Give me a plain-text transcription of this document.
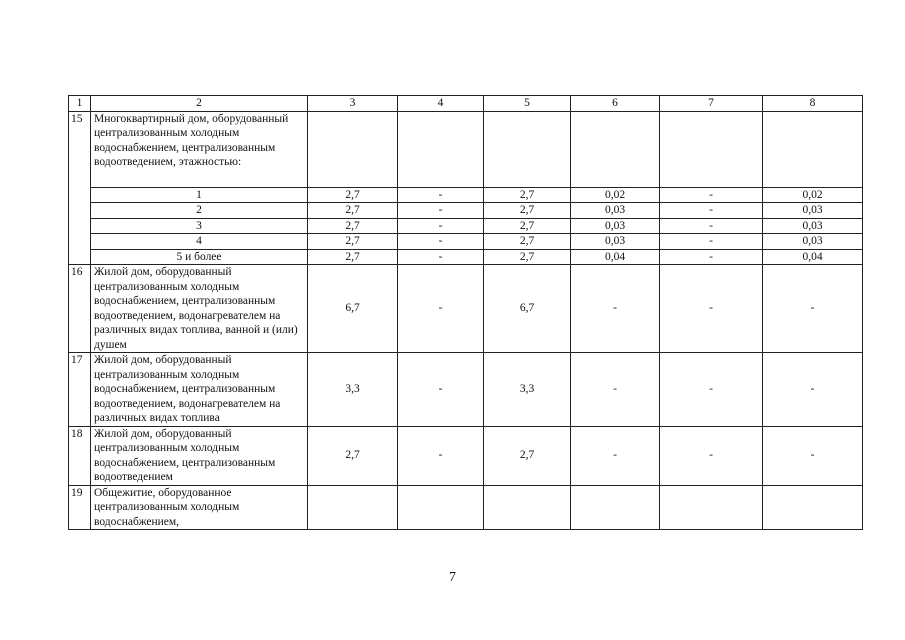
1	2	3	4	5	6	7	8
15	Многоквартирный дом, оборудованный централизованным холодным водоснабжением, централизованным водоотведением, этажностью:						
	1	2,7	-	2,7	0,02	-	0,02
	2	2,7	-	2,7	0,03	-	0,03
	3	2,7	-	2,7	0,03	-	0,03
	4	2,7	-	2,7	0,03	-	0,03
	5 и более	2,7	-	2,7	0,04	-	0,04
16	Жилой дом, оборудованный централизованным холодным водоснабжением, централизованным водоотведением, водонагревателем на различных видах топлива, ванной и (или) душем	6,7	-	6,7	-	-	-
17	Жилой дом, оборудованный централизованным холодным водоснабжением, централизованным водоотведением, водонагревателем на различных видах топлива	3,3	-	3,3	-	-	-
18	Жилой дом, оборудованный централизованным холодным водоснабжением, централизованным водоотведением	2,7	-	2,7	-	-	-
19	Общежитие, оборудованное централизованным холодным водоснабжением,						
7
